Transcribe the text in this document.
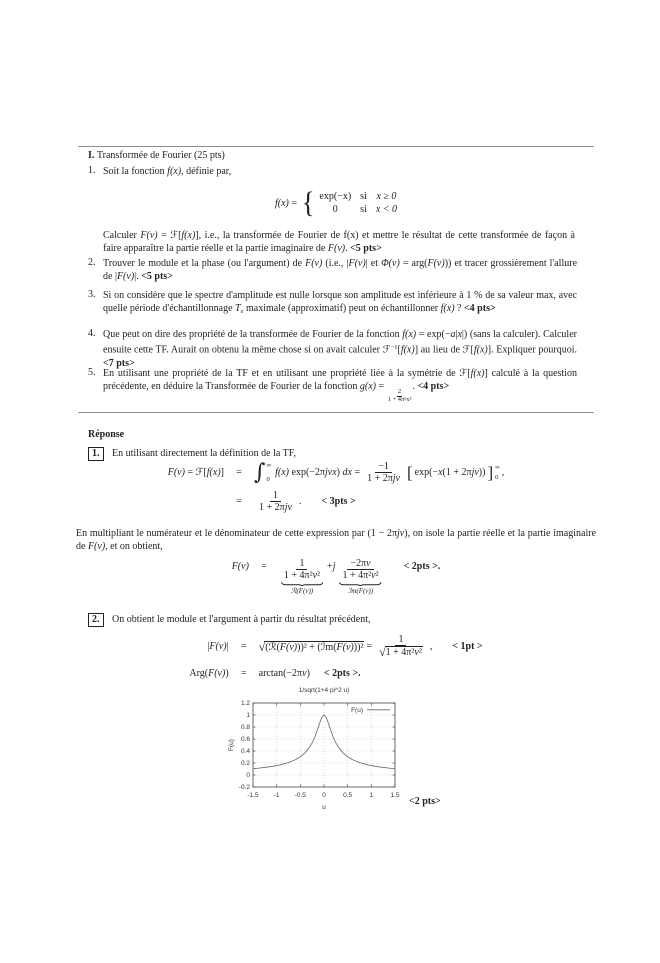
I. Transformée de Fourier (25 pts)
1. Soit la fonction f(x), définie par,
f(x) = { exp(−x) si x ≥ 0
0	si x < 0
Calculer F(ν) = ℱ[f(x)], i.e., la transformée de Fourier de f(x) et mettre le résultat de cette transformée de façon à faire apparaître la partie réelle et la partie imaginaire de F(ν). <5 pts>
2. Trouver le module et la phase (ou l'argument) de F(ν) (i.e., |F(ν)| et Φ(ν) = arg(F(ν))) et tracer grossièrement l'allure de |F(ν)|. <5 pts>
3. Si on considère que le spectre d'amplitude est nulle lorsque son amplitude est inférieure à 1 % de sa valeur max, avec quelle période d'échantillonnage $T_e$ maximale (approximatif) peut on échantillonner f(x) ? <4 pts>
4. Que peut on dire des propriété de la transformée de Fourier de la fonction f(x) = exp(−a|x|) (sans la calculer). Calculer ensuite cette TF. Aurait on obtenu la même chose si on avait calculer ℱ$^{-1}$[f(x)] au lieu de ℱ[f(x)]. Expliquer pourquoi. <7 pts>
5. En utilisant une propriété de la TF et en utilisant une propriété liée à la symétrie de ℱ[f(x)] calculé à la question précédente, en déduire la Transformée de Fourier de la fonction g(x) =
$\frac{2}{\text{1 + 4π²x²}}$
. <4 pts>
Réponse
1. En utilisant directement la définition de la TF,
F(ν) = ℱ[f(x)] = ∫ ∞
0
f(x) exp(−2πjνx) dx = $\frac{-1}{\text{1 + 2πjν}}$ [ exp(−x(1 + 2πjν)) ] ∞
0 ,
= $\frac{1}{\text{1 + 2πjν}}$ . < 3pts >
En multipliant le numérateur et le dénominateur de cette expression par (1 − 2πjν), on isole la partie réelle et la partie imaginaire de F(ν), et on obtient,
$F(\nu) = \frac{1}{\text{1 + 4π²ν²}}$
ℛ(F(ν))
$+j \frac{-2\pi\nu}{\text{1 + 4π²ν²}}$
ℐm(F(ν))
< 2pts >.
2. On obtient le module et l'argument à partir du résultat précédent,
|F(ν)| = √ (ℛ(F(ν)))² + (ℐm(F(ν)))² = $\frac{1}{\text{√ 1 + 4π²ν²}}$ , < 1pt >
Arg(F(ν)) = arctan(−2πν) < 2pts >.
-1.5 -1 -0.5	0	0.5	1	1.5
-0.2
0
0.2
0.4
0.6
0.8
1
1.2
1/sqrt(1+4 pi^2 u)
u
F(u)
F(u)
<2 pts>
